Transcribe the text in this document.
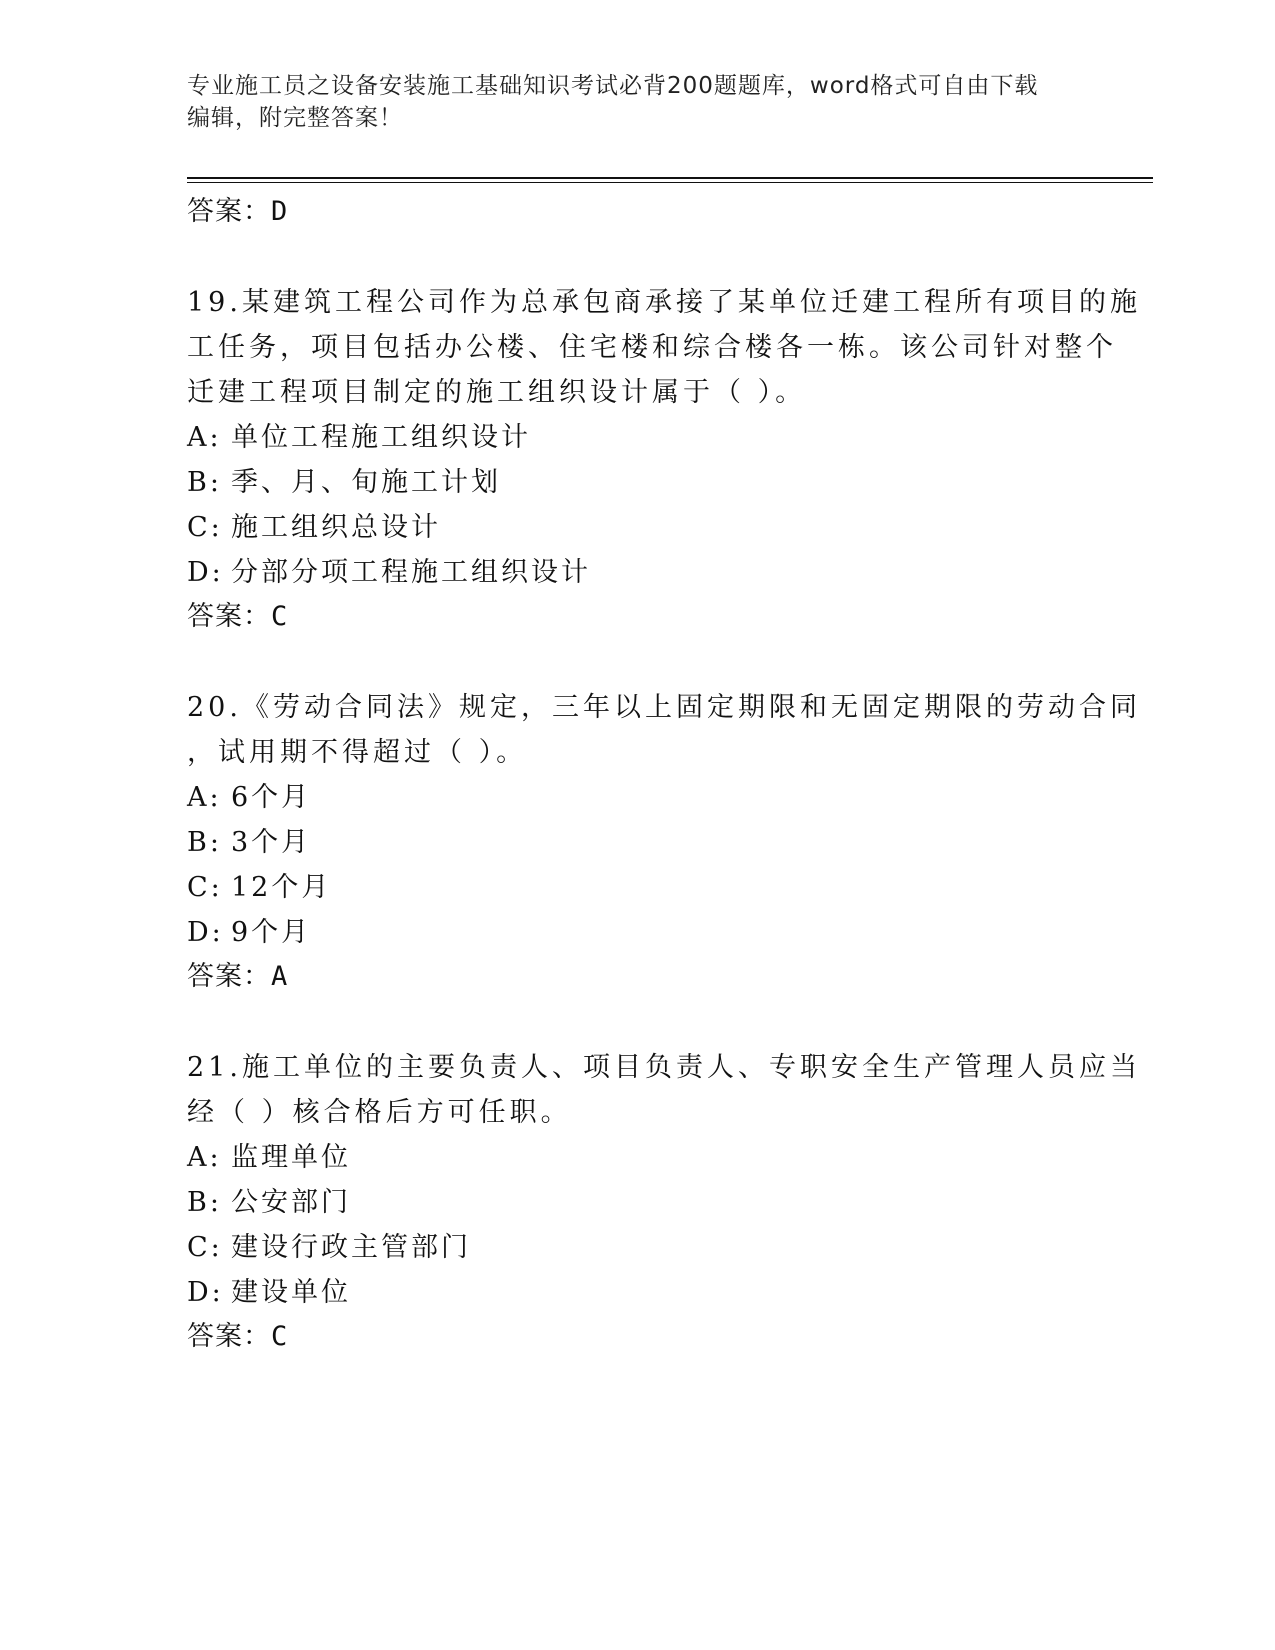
专业施工员之设备安装施工基础知识考试必背200题题库，word格式可自由下载
编辑，附完整答案！
答案：D
19.某建筑工程公司作为总承包商承接了某单位迁建工程所有项目的施
工任务，项目包括办公楼、住宅楼和综合楼各一栋。该公司针对整个
迁建工程项目制定的施工组织设计属于（ ）。
A: 单位工程施工组织设计
B: 季、月、旬施工计划
C: 施工组织总设计
D: 分部分项工程施工组织设计
答案：C
20.《劳动合同法》规定，三年以上固定期限和无固定期限的劳动合同
，试用期不得超过（ ）。
A: 6个月
B: 3个月
C: 12个月
D: 9个月
答案：A
21.施工单位的主要负责人、项目负责人、专职安全生产管理人员应当
经（ ）核合格后方可任职。
A: 监理单位
B: 公安部门
C: 建设行政主管部门
D: 建设单位
答案：C
